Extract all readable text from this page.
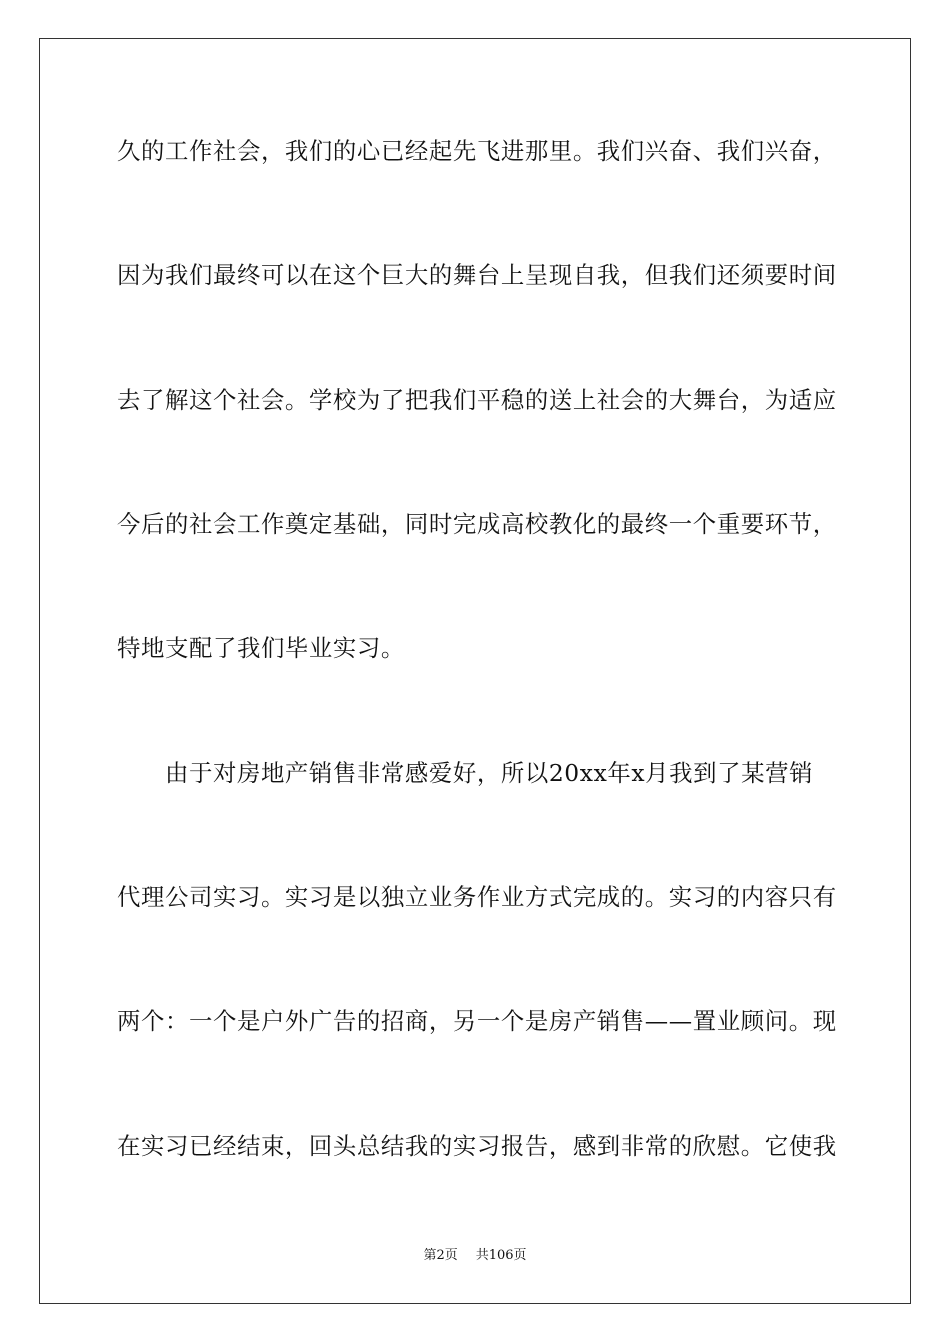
久的工作社会，我们的心已经起先飞进那里。我们兴奋、我们兴奋，
因为我们最终可以在这个巨大的舞台上呈现自我，但我们还须要时间
去了解这个社会。学校为了把我们平稳的送上社会的大舞台，为适应
今后的社会工作奠定基础，同时完成高校教化的最终一个重要环节，
特地支配了我们毕业实习。
　　由于对房地产销售非常感爱好，所以20xx年x月我到了某营销
代理公司实习。实习是以独立业务作业方式完成的。实习的内容只有
两个：一个是户外广告的招商，另一个是房产销售——置业顾问。现
在实习已经结束，回头总结我的实习报告，感到非常的欣慰。它使我
第2页 共106页
